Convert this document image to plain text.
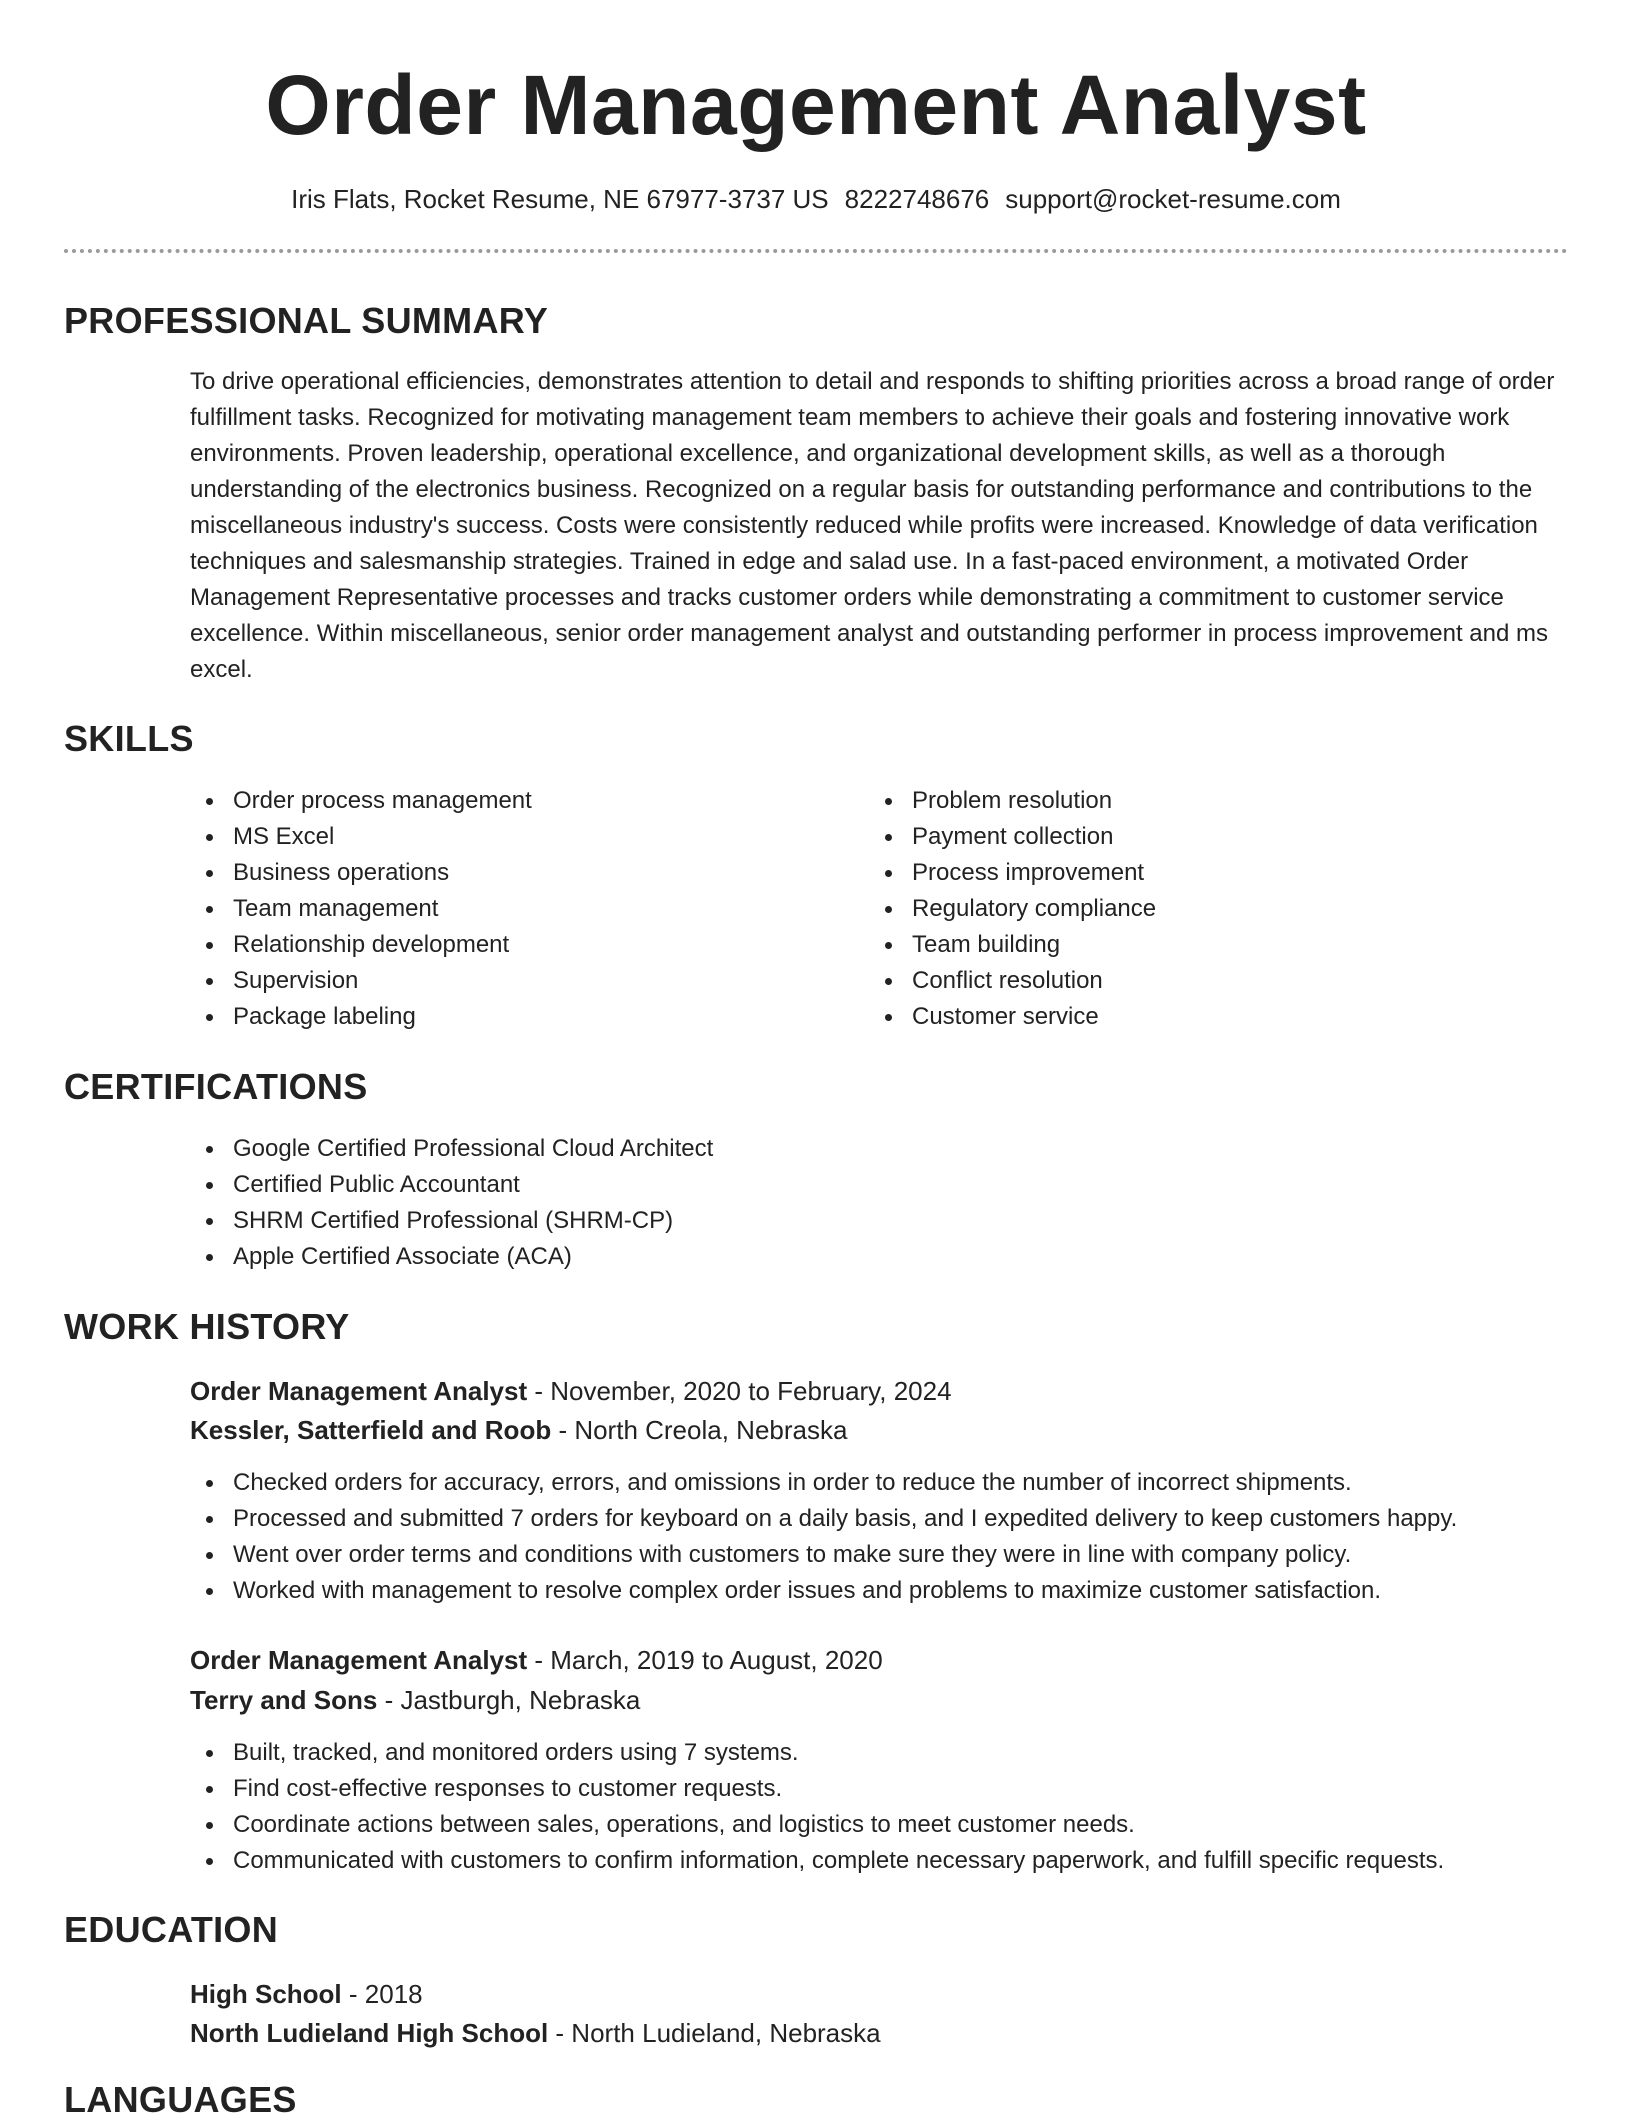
Order Management Analyst
Iris Flats, Rocket Resume, NE 67977-3737 US 8222748676 support@rocket-resume.com
PROFESSIONAL SUMMARY
To drive operational efficiencies, demonstrates attention to detail and responds to shifting priorities across a broad range of order fulfillment tasks. Recognized for motivating management team members to achieve their goals and fostering innovative work environments. Proven leadership, operational excellence, and organizational development skills, as well as a thorough understanding of the electronics business. Recognized on a regular basis for outstanding performance and contributions to the miscellaneous industry's success. Costs were consistently reduced while profits were increased. Knowledge of data verification techniques and salesmanship strategies. Trained in edge and salad use. In a fast-paced environment, a motivated Order Management Representative processes and tracks customer orders while demonstrating a commitment to customer service excellence. Within miscellaneous, senior order management analyst and outstanding performer in process improvement and ms excel.
SKILLS
Order process management
MS Excel
Business operations
Team management
Relationship development
Supervision
Package labeling
Problem resolution
Payment collection
Process improvement
Regulatory compliance
Team building
Conflict resolution
Customer service
CERTIFICATIONS
Google Certified Professional Cloud Architect
Certified Public Accountant
SHRM Certified Professional (SHRM-CP)
Apple Certified Associate (ACA)
WORK HISTORY
Order Management Analyst - November, 2020 to February, 2024
Kessler, Satterfield and Roob - North Creola, Nebraska
Checked orders for accuracy, errors, and omissions in order to reduce the number of incorrect shipments.
Processed and submitted 7 orders for keyboard on a daily basis, and I expedited delivery to keep customers happy.
Went over order terms and conditions with customers to make sure they were in line with company policy.
Worked with management to resolve complex order issues and problems to maximize customer satisfaction.
Order Management Analyst - March, 2019 to August, 2020
Terry and Sons - Jastburgh, Nebraska
Built, tracked, and monitored orders using 7 systems.
Find cost-effective responses to customer requests.
Coordinate actions between sales, operations, and logistics to meet customer needs.
Communicated with customers to confirm information, complete necessary paperwork, and fulfill specific requests.
EDUCATION
High School - 2018
North Ludieland High School - North Ludieland, Nebraska
LANGUAGES
